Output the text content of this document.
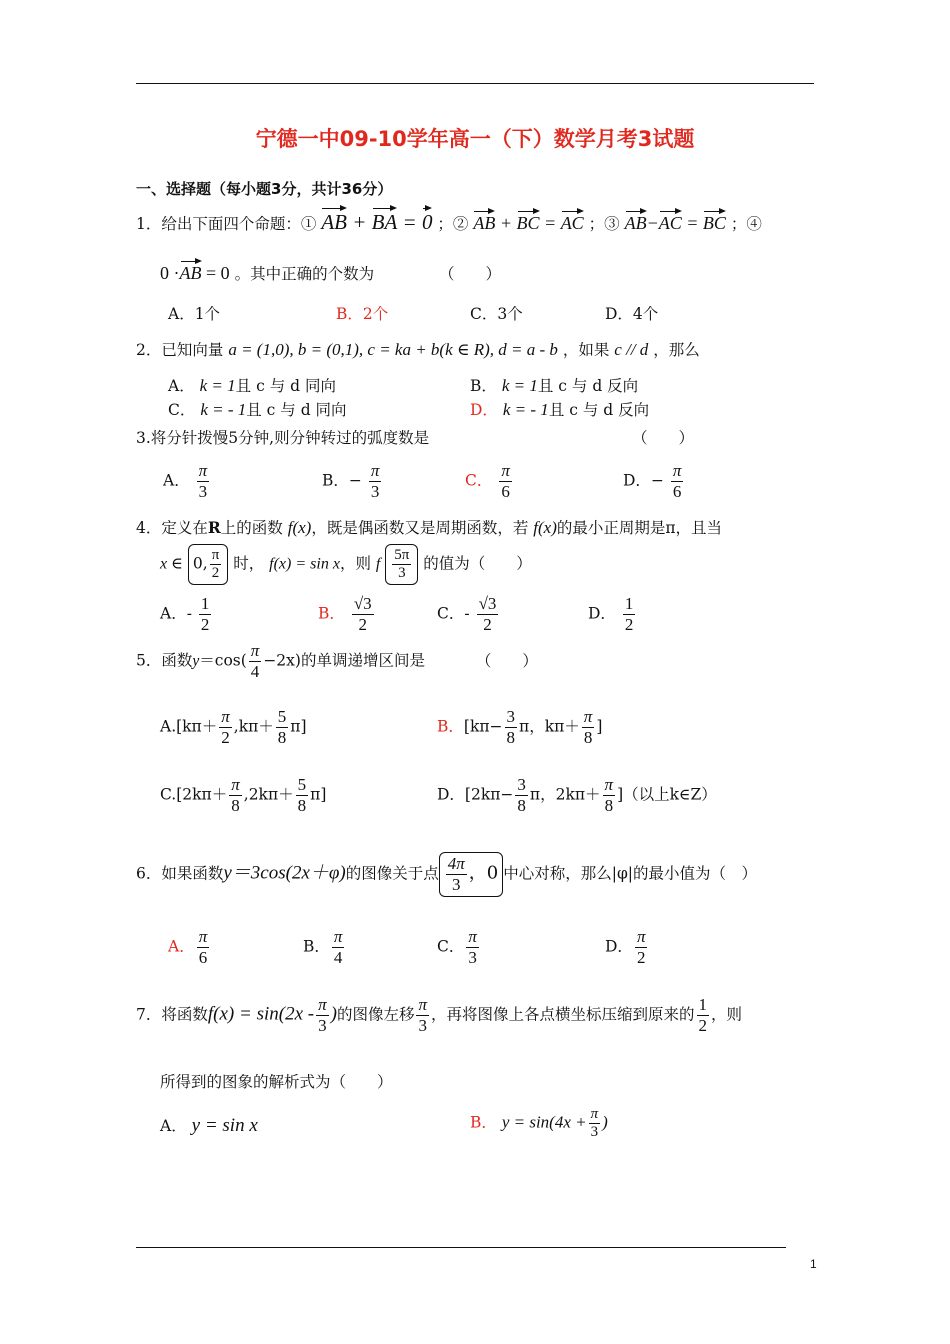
宁德一中09-10学年高一（下）数学月考3试题
一、选择题（每小题3分，共计36分）
1．给出下面四个命题：① AB + BA = 0 ；② AB + BC = AC ；③ AB−AC = BC ；④
0 ·AB = 0 。其中正确的个数为	（　　）
A．1个	B．2个	C．3个	D．4个
2．已知向量 a = (1,0), b = (0,1), c = ka + b(k ∈ R), d = a - b ，如果 c // d ，那么
A． k = 1且 c 与 d 同向	B． k = 1且 c 与 d 反向
C． k = - 1且 c 与 d 同向	D． k = - 1且 c 与 d 反向
3.将分针拨慢5分钟,则分钟转过的弧度数是	（　　）
A． $\frac{\pi}{3}$	B．− $\frac{\pi}{3}$	C． $\frac{\pi}{6}$	D．− $\frac{\pi}{6}$
4．定义在R上的函数 f(x)，既是偶函数又是周期函数，若 f(x)的最小正周期是π，且当
x ∈ 0, $\frac{\pi}{2}$ 时， f(x) = sin x，则 f $\frac{5\pi}{3}$ 的值为（　　）
A．- $\frac{1}{2}$	B． $\frac{√3}{2}$	C．- $\frac{√3}{2}$	D． $\frac{1}{2}$
5．函数$y=\cos( \frac{\pi}{4} -2x)$的单调递增区间是	（　　）
$A.[k\pi+ \frac{\pi}{2} ,k\pi+ \frac{5}{8} \pi]$	B．[$k\pi- \frac{3}{8}$ π，$k\pi+ \frac{\pi}{8}$ ]
$C.[2k\pi+ \frac{\pi}{8} ,2k\pi+ \frac{5}{8} \pi]$	D．[$2k\pi- \frac{3}{8}$ π，$2k\pi+ \frac{\pi}{8}$ ]（以上k∈Z）
6．如果函数y＝3cos(2x＋φ)的图像关于点 $\frac{4\pi}{3}$ ，0 中心对称，那么|φ|的最小值为（　）
A． $\frac{\pi}{6}$	B． $\frac{\pi}{4}$	C． $\frac{\pi}{3}$	D． $\frac{\pi}{2}$
7．将函数$f(x) = \sin(2x - \frac{\pi}{3}$ )的图像左移 $\frac{\pi}{3}$ ，再将图像上各点横坐标压缩到原来的 $\frac{1}{2}$ ，则
所得到的图象的解析式为（　　）
A． y = sin x	B． $y = \sin(4x + \frac{\pi}{3}$ )
1
